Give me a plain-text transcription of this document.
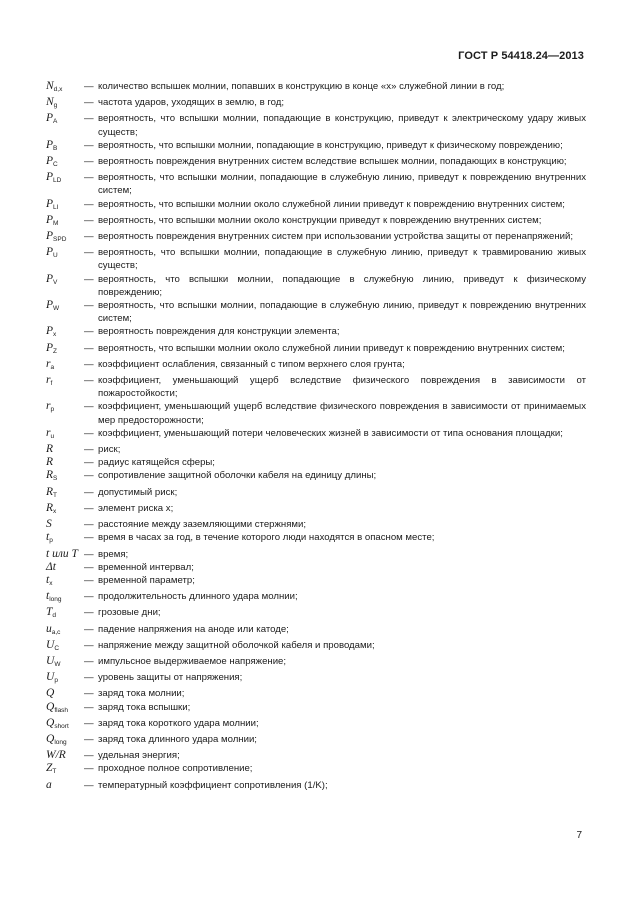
ГОСТ Р 54418.24—2013
$N_{d,x}$	— количество вспышек молнии, попавших в конструкцию в конце «х» служебной линии в год;
$N_g$	— частота ударов, уходящих в землю, в год;
$P_A$	— вероятность, что вспышки молнии, попадающие в конструкцию, приведут к электрическому удару живых существ;
$P_B$	— вероятность, что вспышки молнии, попадающие в конструкцию, приведут к физическому повреждению;
$P_C$	— вероятность повреждения внутренних систем вследствие вспышек молнии, попадающих в конструкцию;
$P_{LD}$	— вероятность, что вспышки молнии, попадающие в служебную линию, приведут к повреждению внутренних систем;
$P_{LI}$	— вероятность, что вспышки молнии около служебной линии приведут к повреждению внутренних систем;
$P_M$	— вероятность, что вспышки молнии около конструкции приведут к повреждению внутренних систем;
$P_{SPD}$	— вероятность повреждения внутренних систем при использовании устройства защиты от перенапряжений;
$P_U$	— вероятность, что вспышки молнии, попадающие в служебную линию, приведут к травмированию живых существ;
$P_V$	— вероятность, что вспышки молнии, попадающие в служебную линию, приведут к физическому повреждению;
$P_W$	— вероятность, что вспышки молнии, попадающие в служебную линию, приведут к повреждению внутренних систем;
$P_x$	— вероятность повреждения для конструкции элемента;
$P_Z$	— вероятность, что вспышки молнии около служебной линии приведут к повреждению внутренних систем;
$r_a$	— коэффициент ослабления, связанный с типом верхнего слоя грунта;
$r_f$	— коэффициент, уменьшающий ущерб вследствие физического повреждения в зависимости от пожаростойкости;
$r_p$	— коэффициент, уменьшающий ущерб вследствие физического повреждения в зависимости от принимаемых мер предосторожности;
$r_u$	— коэффициент, уменьшающий потери человеческих жизней в зависимости от типа основания площадки;
R	— риск;
R	— радиус катящейся сферы;
$R_S$	— сопротивление защитной оболочки кабеля на единицу длины;
$R_T$	— допустимый риск;
$R_x$	— элемент риска x;
S	— расстояние между заземляющими стержнями;
$t_p$	— время в часах за год, в течение которого люди находятся в опасном месте;
t или T — время;
Δt	— временной интервал;
$t_x$	— временной параметр;
$t_{long}$	— продолжительность длинного удара молнии;
$T_d$	— грозовые дни;
$u_{a,c}$	— падение напряжения на аноде или катоде;
$U_C$	— напряжение между защитной оболочкой кабеля и проводами;
$U_W$	— импульсное выдерживаемое напряжение;
$U_p$	— уровень защиты от напряжения;
Q	— заряд тока молнии;
$Q_{flash}$	— заряд тока вспышки;
$Q_{short}$	— заряд тока короткого удара молнии;
$Q_{long}$	— заряд тока длинного удара молнии;
W/R	— удельная энергия;
$Z_T$	— проходное полное сопротивление;
a	— температурный коэффициент сопротивления (1/K);
7
